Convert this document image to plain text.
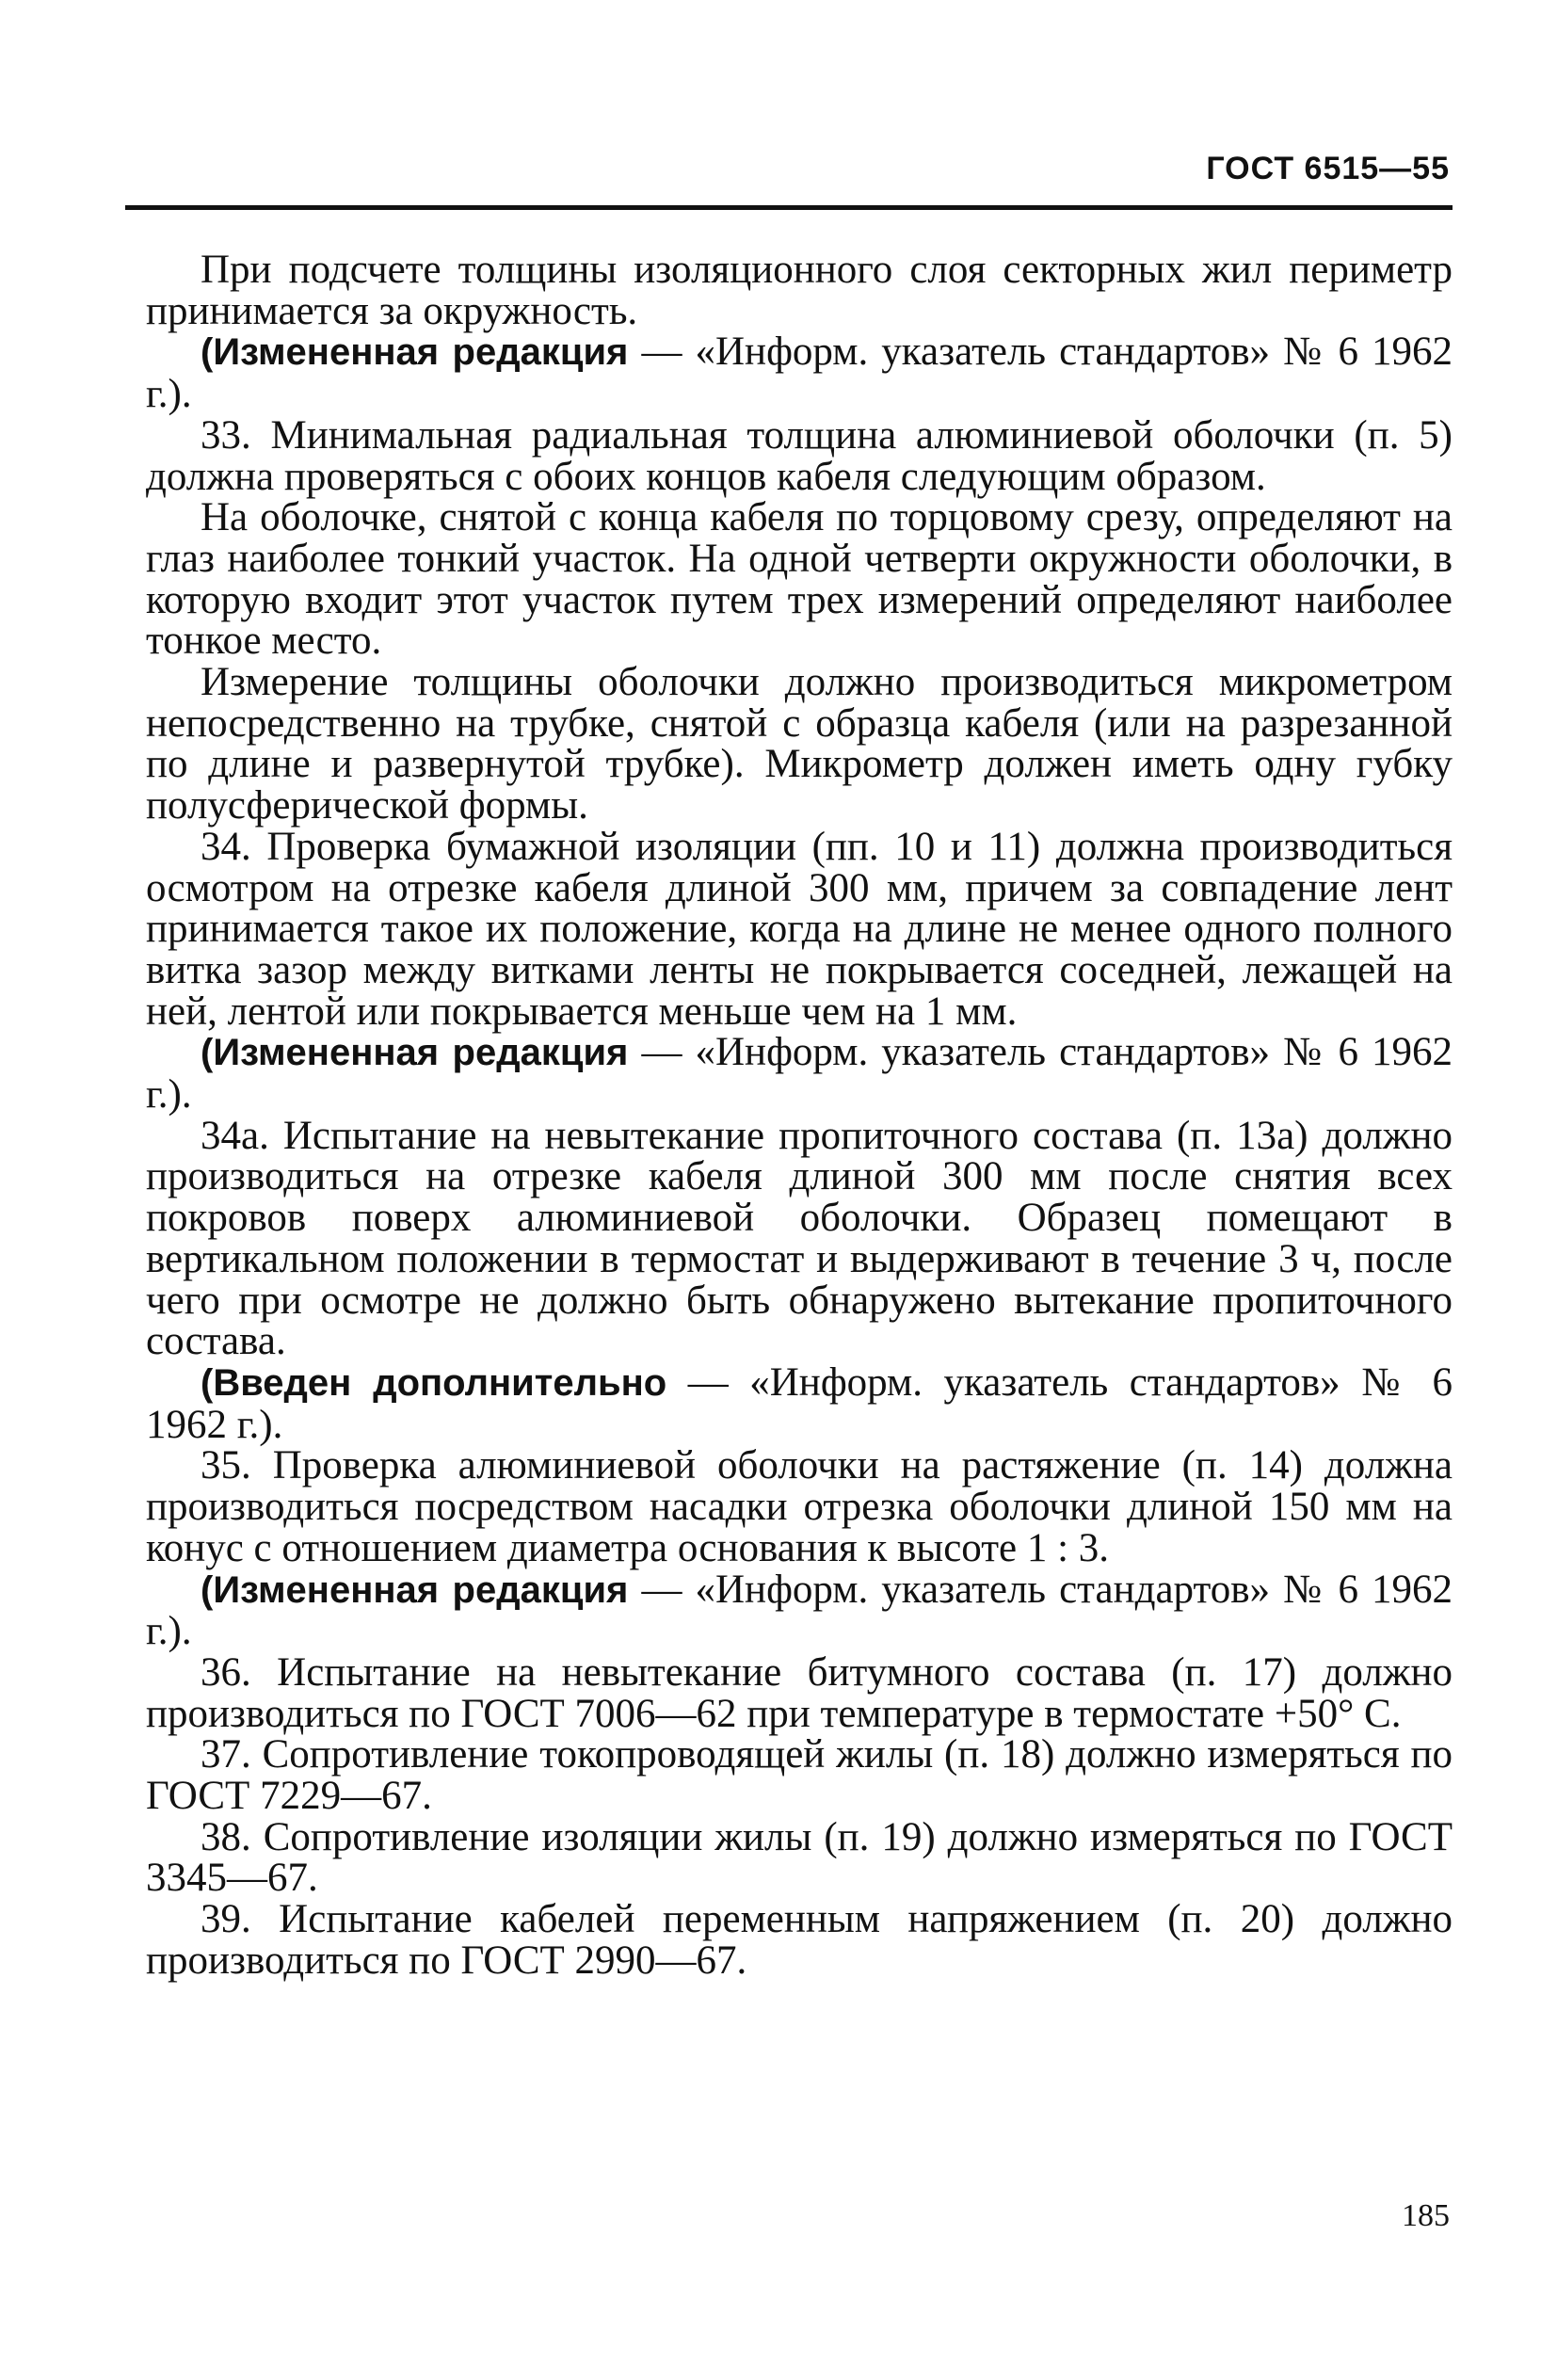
ГОСТ 6515—55

При подсчете толщины изоляционного слоя секторных жил периметр принимается за окружность.

(Измененная редакция — «Информ. указатель стандартов» № 6 1962 г.).

33. Минимальная радиальная толщина алюминиевой оболочки (п. 5) должна проверяться с обоих концов кабеля следующим образом.

На оболочке, снятой с конца кабеля по торцовому срезу, определяют на глаз наиболее тонкий участок. На одной четверти окружности оболочки, в которую входит этот участок путем трех измерений определяют наиболее тонкое место.

Измерение толщины оболочки должно производиться микрометром непосредственно на трубке, снятой с образца кабеля (или на разрезанной по длине и развернутой трубке). Микрометр должен иметь одну губку полусферической формы.

34. Проверка бумажной изоляции (пп. 10 и 11) должна производиться осмотром на отрезке кабеля длиной 300 мм, причем за совпадение лент принимается такое их положение, когда на длине не менее одного полного витка зазор между витками ленты не покрывается соседней, лежащей на ней, лентой или покрывается меньше чем на 1 мм.

(Измененная редакция — «Информ. указатель стандартов» № 6 1962 г.).

34а. Испытание на невытекание пропиточного состава (п. 13а) должно производиться на отрезке кабеля длиной 300 мм после снятия всех покровов поверх алюминиевой оболочки. Образец помещают в вертикальном положении в термостат и выдерживают в течение 3 ч, после чего при осмотре не должно быть обнаружено вытекание пропиточного состава.

(Введен дополнительно — «Информ. указатель стандартов» № 6 1962 г.).

35. Проверка алюминиевой оболочки на растяжение (п. 14) должна производиться посредством насадки отрезка оболочки длиной 150 мм на конус с отношением диаметра основания к высоте 1 : 3.

(Измененная редакция — «Информ. указатель стандартов» № 6 1962 г.).

36. Испытание на невытекание битумного состава (п. 17) должно производиться по ГОСТ 7006—62 при температуре в термостате +50° С.

37. Сопротивление токопроводящей жилы (п. 18) должно измеряться по ГОСТ 7229—67.

38. Сопротивление изоляции жилы (п. 19) должно измеряться по ГОСТ 3345—67.

39. Испытание кабелей переменным напряжением (п. 20) должно производиться по ГОСТ 2990—67.

185
